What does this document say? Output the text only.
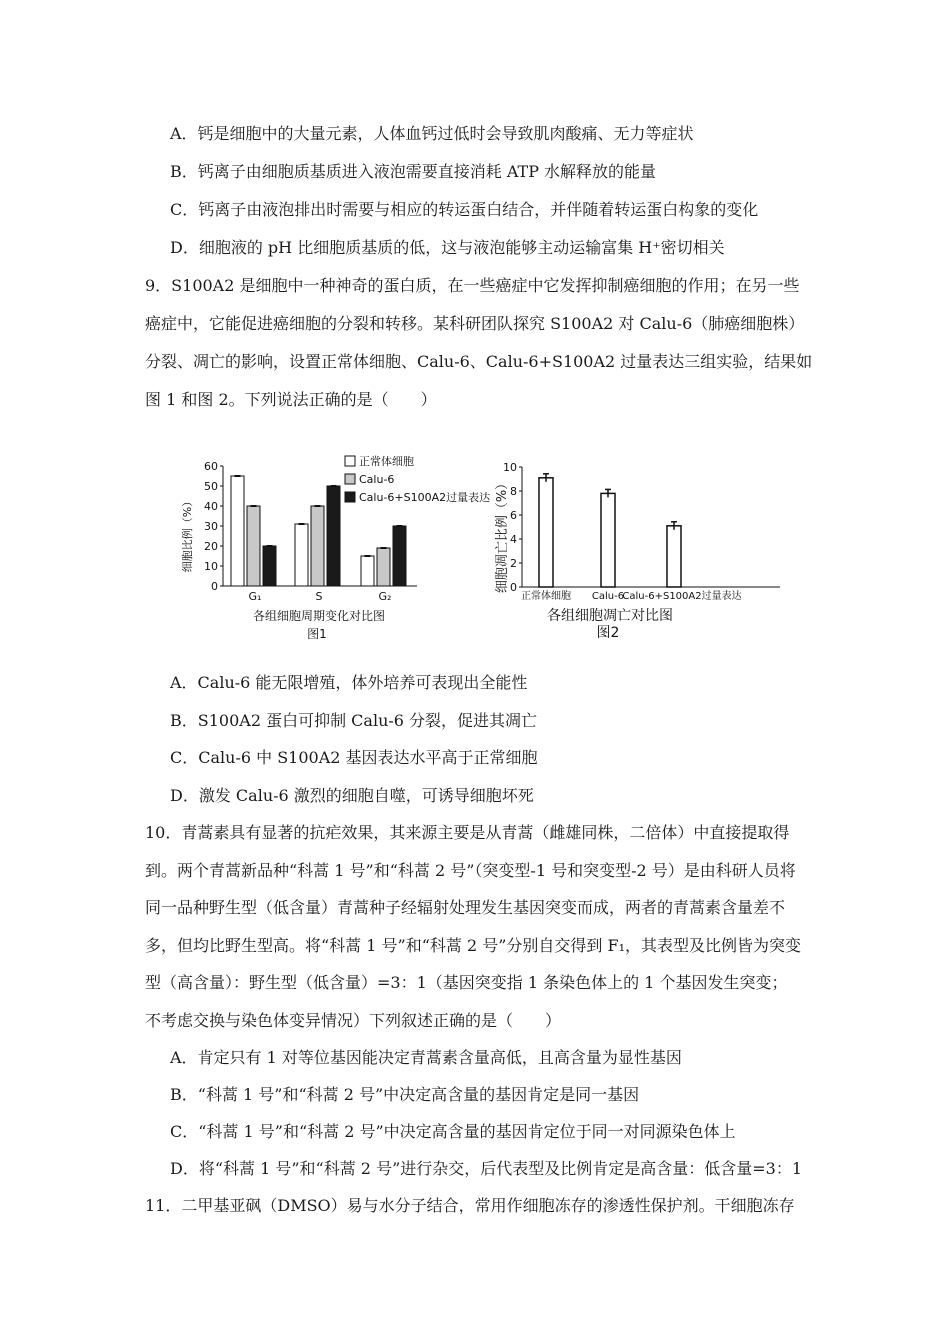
A．钙是细胞中的大量元素，人体血钙过低时会导致肌肉酸痛、无力等症状
B．钙离子由细胞质基质进入液泡需要直接消耗 ATP 水解释放的能量
C．钙离子由液泡排出时需要与相应的转运蛋白结合，并伴随着转运蛋白构象的变化
D．细胞液的 pH 比细胞质基质的低，这与液泡能够主动运输富集 H⁺密切相关
9．S100A2 是细胞中一种神奇的蛋白质，在一些癌症中它发挥抑制癌细胞的作用；在另一些
癌症中，它能促进癌细胞的分裂和转移。某科研团队探究 S100A2 对 Calu-6（肺癌细胞株）
分裂、凋亡的影响，设置正常体细胞、Calu-6、Calu-6+S100A2 过量表达三组实验，结果如
图 1 和图 2。下列说法正确的是（　　）
正常体细胞
Calu-6
Calu-6+S100A2过量表达
60
50
40
30
20
10
0
G₁	S	G₂
细胞比例（%）
各组细胞周期变化对比图
图1
10
8
6
4
2
0
正常体细胞 Calu-6
Calu-6+S100A2过量表达
细胞凋亡比例（%）
各组细胞凋亡对比图
图2
A．Calu-6 能无限增殖，体外培养可表现出全能性
B．S100A2 蛋白可抑制 Calu-6 分裂，促进其凋亡
C．Calu-6 中 S100A2 基因表达水平高于正常细胞
D．激发 Calu-6 激烈的细胞自噬，可诱导细胞坏死
10．青蒿素具有显著的抗疟效果，其来源主要是从青蒿（雌雄同株，二倍体）中直接提取得
到。两个青蒿新品种“科蒿 1 号”和“科蒿 2 号”（突变型-1 号和突变型-2 号）是由科研人员将
同一品种野生型（低含量）青蒿种子经辐射处理发生基因突变而成，两者的青蒿素含量差不
多，但均比野生型高。将“科蒿 1 号”和“科蒿 2 号”分别自交得到 F₁，其表型及比例皆为突变
型（高含量）：野生型（低含量）=3：1（基因突变指 1 条染色体上的 1 个基因发生突变；
不考虑交换与染色体变异情况）下列叙述正确的是（　　）
A．肯定只有 1 对等位基因能决定青蒿素含量高低，且高含量为显性基因
B．“科蒿 1 号”和“科蒿 2 号”中决定高含量的基因肯定是同一基因
C．“科蒿 1 号”和“科蒿 2 号”中决定高含量的基因肯定位于同一对同源染色体上
D．将“科蒿 1 号”和“科蒿 2 号”进行杂交，后代表型及比例肯定是高含量：低含量=3：1
11．二甲基亚砜（DMSO）易与水分子结合，常用作细胞冻存的渗透性保护剂。干细胞冻存
